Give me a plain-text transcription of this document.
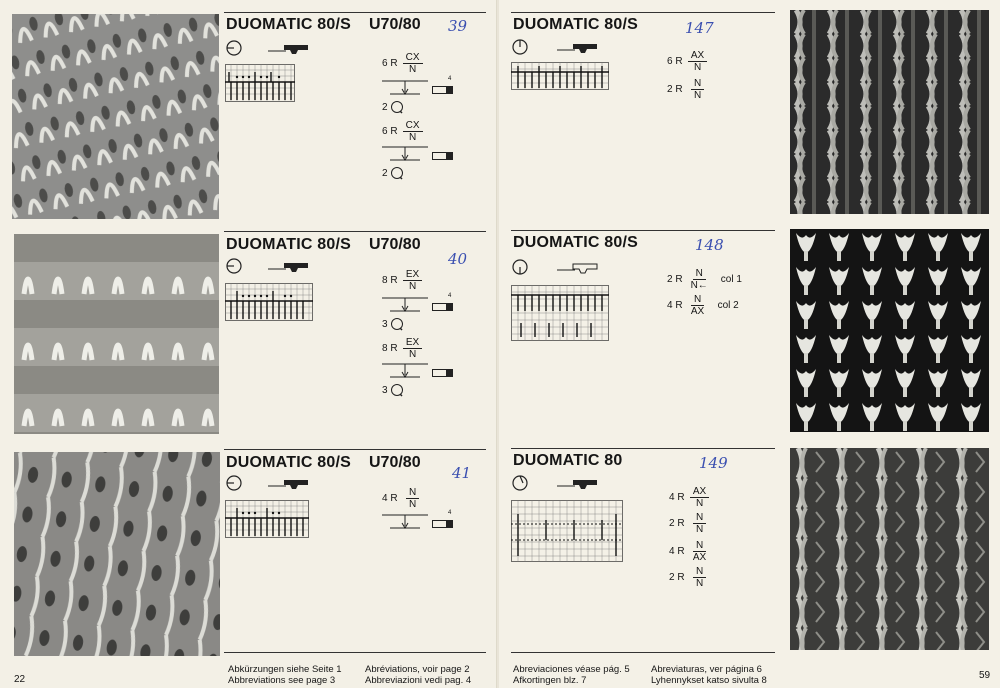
DUOMATIC 80/S U70/80 39
6 R $\frac{CX}{N}$
4
2
6 R $\frac{CX}{N}$
2
DUOMATIC 80/S U70/80
40
8 R $\frac{EX}{N}$
4
3
8 R $\frac{EX}{N}$
3
DUOMATIC 80/S U70/80
41
4 R $\frac{N}{N}$
4
Abkürzungen siehe Seite 1
Abbreviations see page 3
Abréviations, voir page 2
Abbreviazioni vedi pag. 4
22
DUOMATIC 80/S	147
6 R $\frac{AX}{N}$
2 R $\frac{N}{N}$
DUOMATIC 80/S	148
2 R $\frac{N}{N\leftarrow}$ col 1
4 R $\frac{N}{AX}$ col 2
DUOMATIC 80	149
4 R $\frac{AX}{N}$
2 R $\frac{N}{N}$
4 R $\frac{N}{AX}$
2 R $\frac{N}{N}$
Abreviaciones véase pág. 5
Afkortingen blz. 7
Abreviaturas, ver página 6
Lyhennykset katso sivulta 8	59
